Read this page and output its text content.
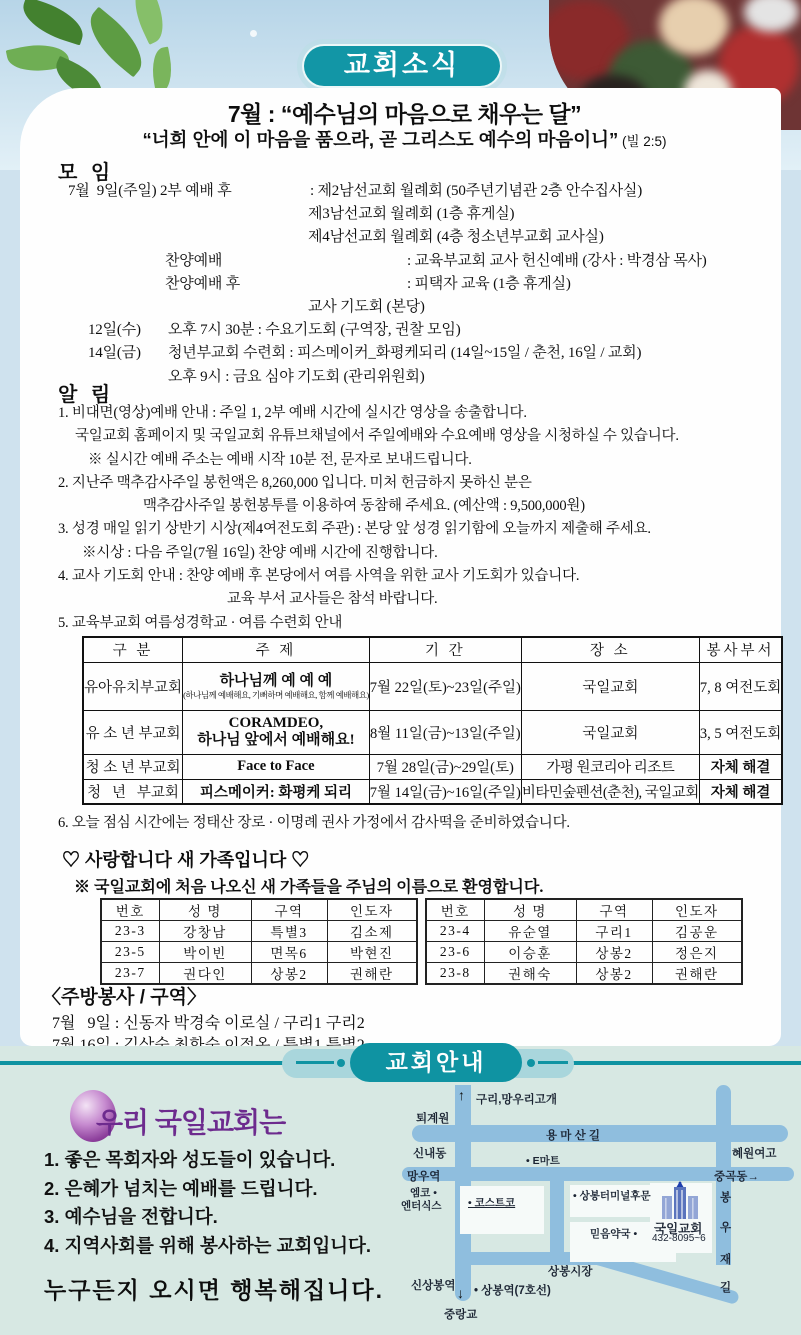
교회소식
7월 : “예수님의 마음으로 채우는 달”
“너희 안에 이 마음을 품으라, 곧 그리스도 예수의 마음이니” (빌 2:5)
모 임
7월  9일(주일) 2부 예배 후	: 제2남선교회 월례회 (50주년기념관 2층 안수집사실)
제3남선교회 월례회 (1층 휴게실)
제4남선교회 월례회 (4층 청소년부교회 교사실)
찬양예배	: 교육부교회 교사 헌신예배 (강사 : 박경삼 목사)
찬양예배 후	: 피택자 교육 (1층 휴게실)
교사 기도회 (본당)
12일(수)	오후 7시 30분 : 수요기도회 (구역장, 권찰 모임)
14일(금)	청년부교회 수련회 : 피스메이커_화평케되리 (14일~15일 / 춘천, 16일 / 교회)
오후 9시 : 금요 심야 기도회 (관리위원회)
알 림
1. 비대면(영상)예배 안내 : 주일 1, 2부 예배 시간에 실시간 영상을 송출합니다.
국일교회 홈페이지 및 국일교회 유튜브채널에서 주일예배와 수요예배 영상을 시청하실 수 있습니다.
※ 실시간 예배 주소는 예배 시작 10분 전, 문자로 보내드립니다.
2. 지난주 맥추감사주일 봉헌액은 8,260,000 입니다. 미처 헌금하지 못하신 분은
맥추감사주일 봉헌봉투를 이용하여 동참해 주세요. (예산액 : 9,500,000원)
3. 성경 매일 읽기 상반기 시상(제4여전도회 주관) : 본당 앞 성경 읽기함에 오늘까지 제출해 주세요.
※시상 : 다음 주일(7월 16일) 찬양 예배 시간에 진행합니다.
4. 교사 기도회 안내 : 찬양 예배 후 본당에서 여름 사역을 위한 교사 기도회가 있습니다.
교육 부서 교사들은 참석 바랍니다.
5. 교육부교회 여름성경학교 · 여름 수련회 안내
구 분	주 제	기 간	장 소	봉사부서
유아유치부교회	하나님께 예 예 예
(하나님께 예배해요, 기뻐하며 예배해요, 함께 예배해요)	7월 22일(토)~23일(주일)	국일교회	7, 8 여전도회
유 소 년 부교회	CORAMDEO,
하나님 앞에서 예배해요!	8월 11일(금)~13일(주일)	국일교회	3, 5 여전도회
청 소 년 부교회	Face to Face	7월 28일(금)~29일(토)	가평 원코리아 리조트	자체 해결
청   년   부교회	피스메이커: 화평케 되리	7월 14일(금)~16일(주일)	비타민숲펜션(춘천), 국일교회	자체 해결
6. 오늘 점심 시간에는 정태산 장로 · 이명례 권사 가정에서 감사떡을 준비하였습니다.
♡ 사랑합니다 새 가족입니다 ♡
※ 국일교회에 처음 나오신 새 가족들을 주님의 이름으로 환영합니다.
번호	성 명	구역	인도자
23-3	강창남	특별3	김소제
23-5	박이빈	면목6	박현진
23-7	권다인	상봉2	권해란
번호	성 명	구역	인도자
23-4	유순열	구리1	김공운
23-6	이승훈	상봉2	정은지
23-8	권해숙	상봉2	권해란
〈주방봉사 / 구역〉
7월   9일 : 신동자 박경숙 이로실 / 구리1 구리2
교회안내
우리 국일교회는
1. 좋은 목회자와 성도들이 있습니다.
2. 은혜가 넘치는 예배를 드립니다.
3. 예수님을 전합니다.
4. 지역사회를 위해 봉사하는 교회입니다.
누구든지 오시면 행복해집니다.
↑ 구리,망우리고개
퇴계원
용 마 산 길
신내동
• E마트
혜원여고
망우역	중곡동→
엠코 •
엔터식스	• 코스트코
• 상봉터미널후문
믿음약국 • 국일교회
432-8095~6
봉
우
재
길
상봉시장
신상봉역 • 상봉역(7호선)
↓
중랑교
